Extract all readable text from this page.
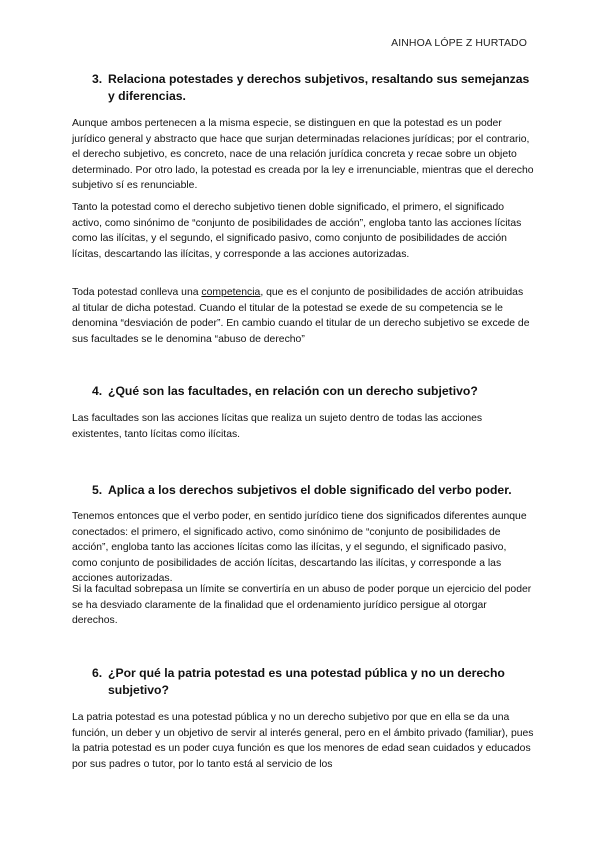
AINHOA LÓPE Z HURTADO
3. Relaciona potestades y derechos subjetivos, resaltando sus semejanzas y diferencias.
Aunque ambos pertenecen a la misma especie, se distinguen en que la potestad es un poder jurídico general y abstracto que hace que surjan determinadas relaciones jurídicas; por el contrario, el derecho subjetivo, es concreto, nace de una relación jurídica concreta y recae sobre un objeto determinado. Por otro lado, la potestad es creada por la ley e irrenunciable, mientras que el derecho subjetivo sí es renunciable.
Tanto la potestad como el derecho subjetivo tienen doble significado, el primero, el significado activo, como sinónimo de “conjunto de posibilidades de acción”, engloba tanto las acciones lícitas como las ilícitas, y el segundo, el significado pasivo, como conjunto de posibilidades de acción lícitas, descartando las ilícitas, y corresponde a las acciones autorizadas.
Toda potestad conlleva una competencia, que es el conjunto de posibilidades de acción atribuidas al titular de dicha potestad. Cuando el titular de la potestad se exede de su competencia se le denomina “desviación de poder”. En cambio cuando el titular de un derecho subjetivo se excede de sus facultades se le denomina “abuso de derecho”
4. ¿Qué son las facultades, en relación con un derecho subjetivo?
Las facultades son las acciones lícitas que realiza un sujeto dentro de todas las acciones existentes, tanto lícitas como ilícitas.
5. Aplica a los derechos subjetivos el doble significado del verbo poder.
Tenemos entonces que el verbo poder, en sentido jurídico tiene dos significados diferentes aunque conectados: el primero, el significado activo, como sinónimo de “conjunto de posibilidades de acción”, engloba tanto las acciones lícitas como las ilícitas, y el segundo, el significado pasivo, como conjunto de posibilidades de acción lícitas, descartando las ilícitas, y corresponde a las acciones autorizadas.
Si la facultad sobrepasa un límite se convertiría en un abuso de poder porque un ejercicio del poder se ha desviado claramente de la finalidad que el ordenamiento jurídico persigue al otorgar derechos.
6. ¿Por qué la patria potestad es una potestad pública y no un derecho subjetivo?
La patria potestad es una potestad pública y no un derecho subjetivo por que en ella se da una función, un deber y un objetivo de servir al interés general, pero en el ámbito privado (familiar), pues la patria potestad es un poder cuya función es que los menores de edad sean cuidados y educados por sus padres o tutor, por lo tanto está al servicio de los
